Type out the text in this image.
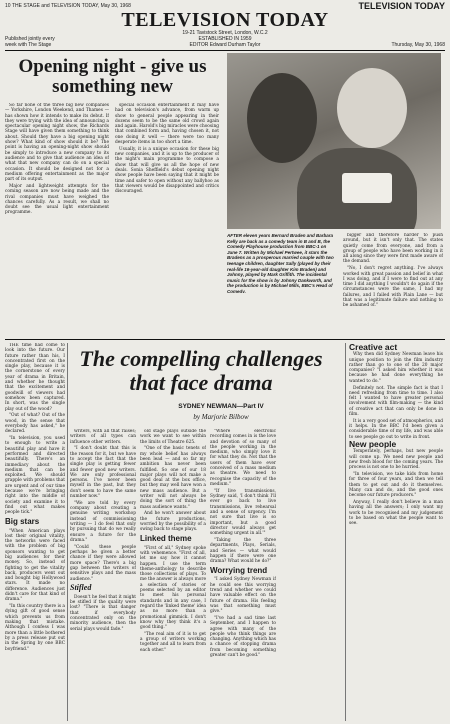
10 THE STAGE and TELEVISION TODAY, May 30, 1968	TELEVISION TODAY
Published jointly every week with The Stage
TELEVISION TODAY
19-21 Tavistock Street, London, W.C.2
ESTABLISHED IN 1959
EDITOR Edward Durham Taylor	Thursday, May 30, 1968
Opening night - give us something new

So far none of the three big new companies — Yorkshire, London Weekend, and Thames — has shown how it intends to make its debut. If they were trying with the idea of announcing a spectacular opening night show, the Richards Stage will have given them something to think about. Should they have a big opening night show? What kind of show should it be? The point is having an opening-night show should be simply to introduce a new company to its audience and to give that audience an idea of what that new company can do on a special occasion. It should be designed not for a medium offering entertainment as the major part of its output.

Major and lightweight attempts for the coming season are now being made and the rival companies must have weighed the chances carefully. As a result, we shall no doubt see the usual light entertainment programme.

special occasion entertainment it may have had on television's advance, from warm up show to general people appearing in their dozens seem to be the same old crowd again and again. Harold's big miracles were choosing that combined form and, having chosen it, not one doing it well — there were too many desperate items in too short a time.

Usually, it is a unique occasion for these big new companies, and it is up to the producer of the night's main programme to compose a show that will give us all the hope of new deals. Sonia Sheffield's debut opening night show people have been saying that it might be time and safer to open without any ballyhoo as that viewers would be disappointed and critics discouraged.

AFTER eleven years Bernard Braden and Barbara Kelly are back as a comedy team in B and B, the Comedy Playhouse production from BBC-1 on June 7. Written by Michael Pertwee, it stars the Bradens as a prosperous married couple with two teenage children, daughter Sally (played by their real-life 16-year-old daughter Kim Braden) and Johnny, played by Mark Griffith. The incidental music for the show is by Johnny Dankworth, and the production is by Michael Mills, BBC's Head of Comedy.

bigger and therefore harder to push around, but it isn't only that. The states quietly come from everyone, and from a group of people who have been working in it all along since they were first made aware of the demand.

"No, I don't regret anything. I've always worked with great passion and belief in what I was doing, and if I were to find out at any time I did anything I wouldn't do again if the circumstances were the same, I had my failures, and I failed with Plain Lane — but that was a legitimate failure and nothing to be ashamed of."

The compelling challenges that face drama
SYDNEY NEWMAN—Part IV
by Marjorie Bilbow

THE time had come to look into the future. Our future rather than his, I concentrated first on the single play, because it is the cornerstone of every year of drama in Britain, and whether he thought that the excitement and goodwill of viewers had somehow been captured. In short, was the single play out of the wood?

"Out of what? Out of the wood, in the sense that everybody has asked," he declared.

"In television, you used to enough to write a beautiful play and have it performed and directed beautifully. There's an immediacy about the medium that can be exploited. We should grapple with problems that are urgent and of our time because we're bringing right into the middle of society and examine it to find out what makes people tick."

Big stars

"When American plays lost their original vitality, the networks were faced with the problem of big sponsors wanting to get big audiences for their money. So, instead of fighting to get the vitality back, producers went out and bought big Hollywood stars. It made no difference. Audiences just didn't care for that kind of drama."

"In this country there is a dying gift of good sense which prevents us from making that mistake. Although I confess I was more than a little bothered by a press release put out in the Spring by one BBC boyfriend."

writers, with all that raises; writers of all types can influence other writers.

"I don't doubt that this is the reason for it, but we have to accept the fact that the single play is getting fewer and fewer good new writers. We are only professional persons. I've never been myself in the past, but they don't seem to have the same number now."

"We are told by every company about creating a genuine writing workshop instead of commissioning writing — I do feel that only by pursuing that do we really ensure a future for the drama."

"Could these people perhaps be given a better chance if they were allowed more space? There's a big gap between the writers of sensitive plays and the mass audience."

Stifled

Doesn't he feel that it might be stifled if the quality were lost? "There is that danger that if everybody concentrated only on the minority audience, then the serial plays would fade."

old stage plays outside the work we want to see within the limits of Theatre 625.

"One of the basic tenets of my whole belief has always been lead — and so far my ambition has never been fulfilled. So one of our 18 major plays will not make a good deal at the box office, but they may well have won a new mass audience. But a writer will not always be doing the sort of thing the mass audience wants."

And he won't answer about the future productions, worried by the possibility of a swing back to stage plays.

Linked theme

"First of all," Sydney spoke with vehemence. "First of all, let me say how it cannot happen. I use the term theme-anthology to describe those collections of plays. To me the answer is always more a selection of stories or poems selected by an editor to meet his personal standards and in any case, I regard the 'linked theme' idea as no more than a promotional gimmick. I don't know why they think it's a good thing."

"The real aim of it is to get a group of writers working together and all to learn from each other."

"Where electronic recording comes in is the love and devotion of so many of the people working in the medium, who simply love it for what they do. Not that the users of them have ever conceived of a mass medium as theatre. We need to recognise the capacity of the medium."

"If live transmissions, Sydney said, 'I don't think I'll ever go back to live transmissions, live rehearsal and a sense of urgency. I'm not sure that live is so important, but a good director would always get something urgent in all.'"

"Taking the three departments, Plays, Serials, and Series — what would happen if there were one drama? What would he do?"

Worrying trend

"I asked Sydney Newman if he could see this worrying trend and whether we could have valuable effect on the future of drama. His feeling was that something must give."

"I've had a sad time last September, and I happen to agree with many of the people who think things are changing. Anything which has a chance of stopping drama from becoming something greater can't be good."

Creative act

Why then did Sydney Newman leave his unique position to join the film industry rather than go to one of the 20 major companies? "I asked him whether it was because he had done everything he wanted to do."

Definitely not. The simple fact is that I need refreshing from time to time. I also felt I wanted to have greater personal involvement with film-making — the kind of creative act that can only be done in film.

It is a very good set of atmospherics, and it helps. In the BBC I'd been given a considerable time of my life, and was able to see people go out to write in front.

New people

Temperately, perhaps, but new people will come up. We need new people and new fresh blood for the coming years. The process is not one to be hurried.

"In television, we take kids from home for three of four years, and then we tell them to get out and do it themselves. Many can and do, and the good ones become our future producers."

Anyway, I really don't believe in a man having all the answers; I only want my work to be recognised and my judgement to be based on what the people want to see.
